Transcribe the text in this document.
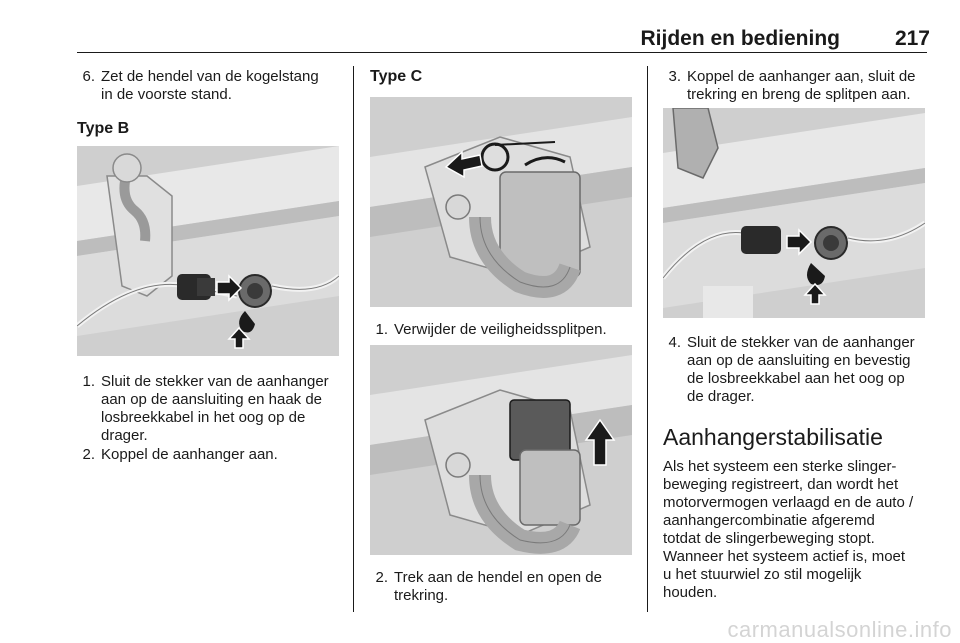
Rijden en bediening	217
6. Zet de hendel van de kogelstang
in de voorste stand.
Type B
1. Sluit de stekker van de aanhanger
aan op de aansluiting en haak de
losbreekkabel in het oog op de
drager.
2. Koppel de aanhanger aan.
Type C
1. Verwijder de veiligheidssplitpen.
2. Trek aan de hendel en open de
trekring.
3. Koppel de aanhanger aan, sluit de
trekring en breng de splitpen aan.
4. Sluit de stekker van de aanhanger
aan op de aansluiting en bevestig
de losbreekkabel aan het oog op
de drager.
Aanhangerstabilisatie
Als het systeem een sterke slinger-
beweging registreert, dan wordt het
motorvermogen verlaagd en de auto /
aanhangercombinatie afgeremd
totdat de slingerbeweging stopt.
Wanneer het systeem actief is, moet
u het stuurwiel zo stil mogelijk
houden.
carmanualsonline.info
